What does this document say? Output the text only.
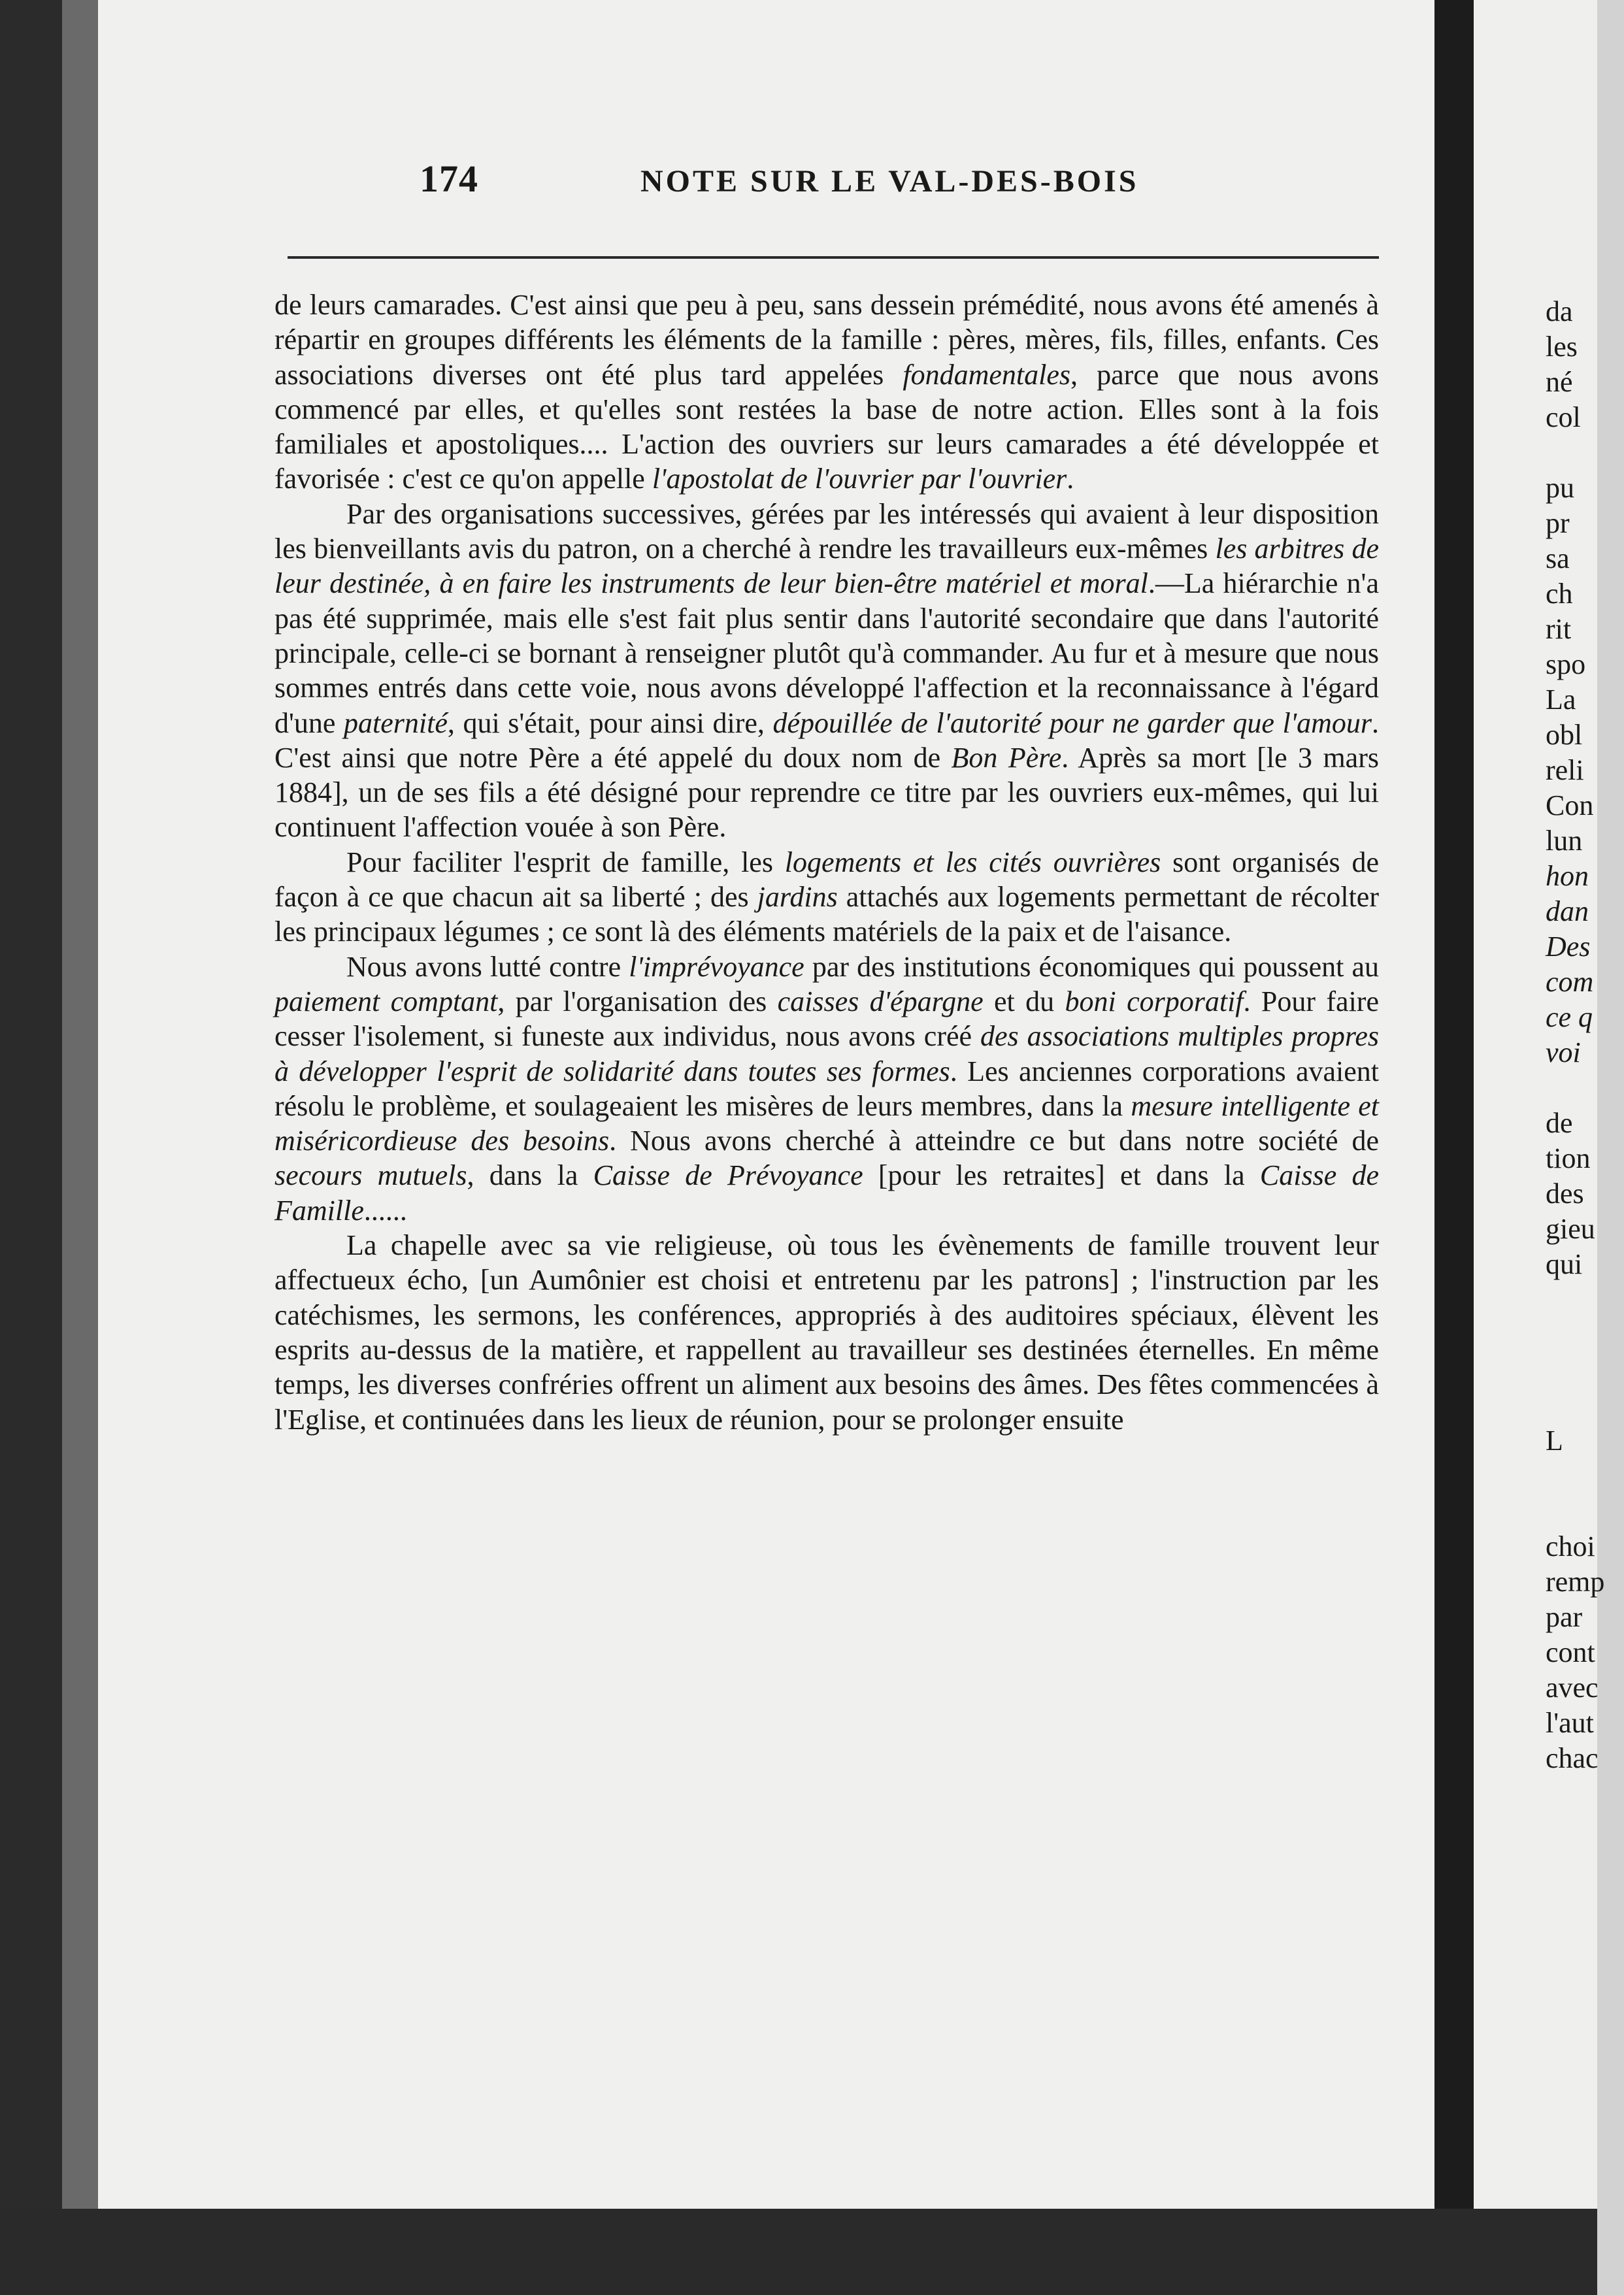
174	NOTE SUR LE VAL-DES-BOIS

de leurs camarades. C'est ainsi que peu à peu, sans dessein prémédité, nous avons été amenés à répartir en groupes différents les éléments de la famille : pères, mères, fils, filles, enfants. Ces associations diverses ont été plus tard appelées fondamentales, parce que nous avons commencé par elles, et qu'elles sont restées la base de notre action. Elles sont à la fois familiales et apostoliques.... L'action des ouvriers sur leurs camarades a été développée et favorisée : c'est ce qu'on appelle l'apostolat de l'ouvrier par l'ouvrier.

Par des organisations successives, gérées par les intéressés qui avaient à leur disposition les bienveillants avis du patron, on a cherché à rendre les travailleurs eux-mêmes les arbitres de leur destinée, à en faire les instruments de leur bien-être matériel et moral.—La hiérarchie n'a pas été supprimée, mais elle s'est fait plus sentir dans l'autorité secondaire que dans l'autorité principale, celle-ci se bornant à renseigner plutôt qu'à commander. Au fur et à mesure que nous sommes entrés dans cette voie, nous avons développé l'affection et la reconnaissance à l'égard d'une paternité, qui s'était, pour ainsi dire, dépouillée de l'autorité pour ne garder que l'amour. C'est ainsi que notre Père a été appelé du doux nom de Bon Père. Après sa mort [le 3 mars 1884], un de ses fils a été désigné pour reprendre ce titre par les ouvriers eux-mêmes, qui lui continuent l'affection vouée à son Père.

Pour faciliter l'esprit de famille, les logements et les cités ouvrières sont organisés de façon à ce que chacun ait sa liberté ; des jardins attachés aux logements permettant de récolter les principaux légumes ; ce sont là des éléments matériels de la paix et de l'aisance.

Nous avons lutté contre l'imprévoyance par des institutions économiques qui poussent au paiement comptant, par l'organisation des caisses d'épargne et du boni corporatif. Pour faire cesser l'isolement, si funeste aux individus, nous avons créé des associations multiples propres à développer l'esprit de solidarité dans toutes ses formes. Les anciennes corporations avaient résolu le problème, et soulageaient les misères de leurs membres, dans la mesure intelligente et miséricordieuse des besoins. Nous avons cherché à atteindre ce but dans notre société de secours mutuels, dans la Caisse de Prévoyance [pour les retraites] et dans la Caisse de Famille......

La chapelle avec sa vie religieuse, où tous les évènements de famille trouvent leur affectueux écho, [un Aumônier est choisi et entretenu par les patrons] ; l'instruction par les catéchismes, les sermons, les conférences, appropriés à des auditoires spéciaux, élèvent les esprits au-dessus de la matière, et rappellent au travailleur ses destinées éternelles. En même temps, les diverses confréries offrent un aliment aux besoins des âmes. Des fêtes commencées à l'Eglise, et continuées dans les lieux de réunion, pour se prolonger ensuite

da
les
né
col
pu
pr
sa
ch
rit
spo
La
obl
reli
Con
lun
hon
dan
Des
com
ce q
voi
de
tion
des
gieu
qui
L
choi
remp
par
cont
avec
l'aut
chac
